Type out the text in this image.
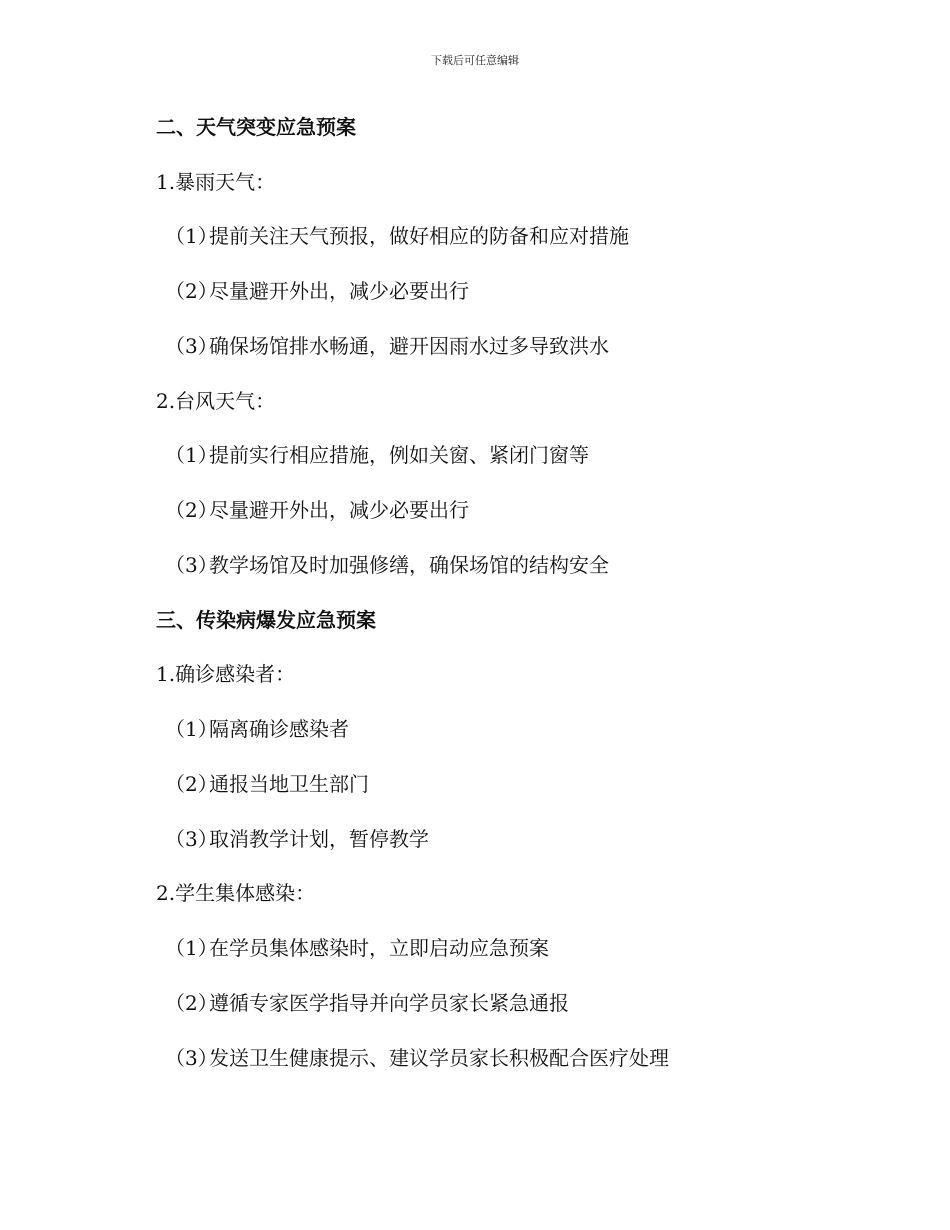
下载后可任意编辑
二、天气突变应急预案
1.暴雨天气：
（1）提前关注天气预报，做好相应的防备和应对措施
（2）尽量避开外出，减少必要出行
（3）确保场馆排水畅通，避开因雨水过多导致洪水
2.台风天气：
（1）提前实行相应措施，例如关窗、紧闭门窗等
（2）尽量避开外出，减少必要出行
（3）教学场馆及时加强修缮，确保场馆的结构安全
三、传染病爆发应急预案
1.确诊感染者：
（1）隔离确诊感染者
（2）通报当地卫生部门
（3）取消教学计划，暂停教学
2.学生集体感染：
（1）在学员集体感染时，立即启动应急预案
（2）遵循专家医学指导并向学员家长紧急通报
（3）发送卫生健康提示、建议学员家长积极配合医疗处理
